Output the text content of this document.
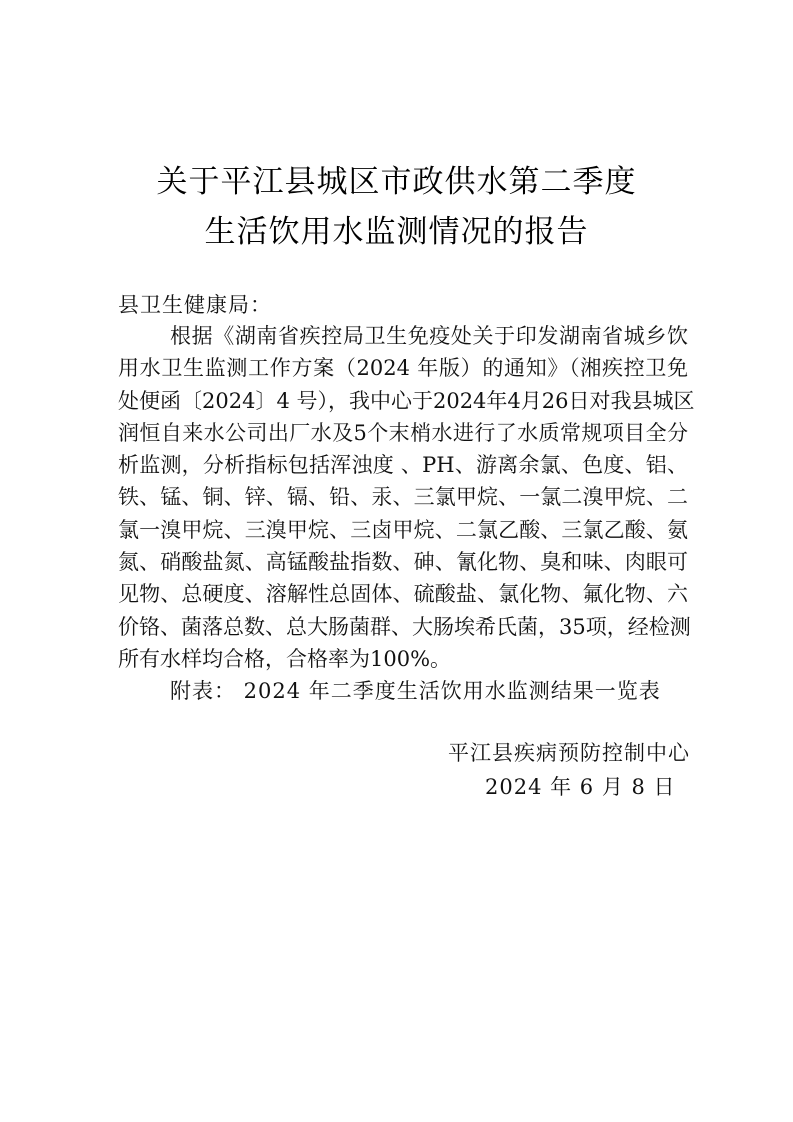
关于平江县城区市政供水第二季度
生活饮用水监测情况的报告
县卫生健康局：
根据《湖南省疾控局卫生免疫处关于印发湖南省城乡饮
用水卫生监测工作方案（2024 年版）的通知》（湘疾控卫免
处便函〔2024〕4 号），我中心于2024年4月26日对我县城区
润恒自来水公司出厂水及5个末梢水进行了水质常规项目全分
析监测，分析指标包括浑浊度 、PH、游离余氯、色度、铝、
铁、锰、铜、锌、镉、铅、汞、三氯甲烷、一氯二溴甲烷、二
氯一溴甲烷、三溴甲烷、三卤甲烷、二氯乙酸、三氯乙酸、氨
氮、硝酸盐氮、高锰酸盐指数、砷、氰化物、臭和味、肉眼可
见物、总硬度、溶解性总固体、硫酸盐、氯化物、氟化物、六
价铬、菌落总数、总大肠菌群、大肠埃希氏菌，35项，经检测
所有水样均合格，合格率为100%。
附表： 2024 年二季度生活饮用水监测结果一览表
平江县疾病预防控制中心
2024 年 6 月 8 日
